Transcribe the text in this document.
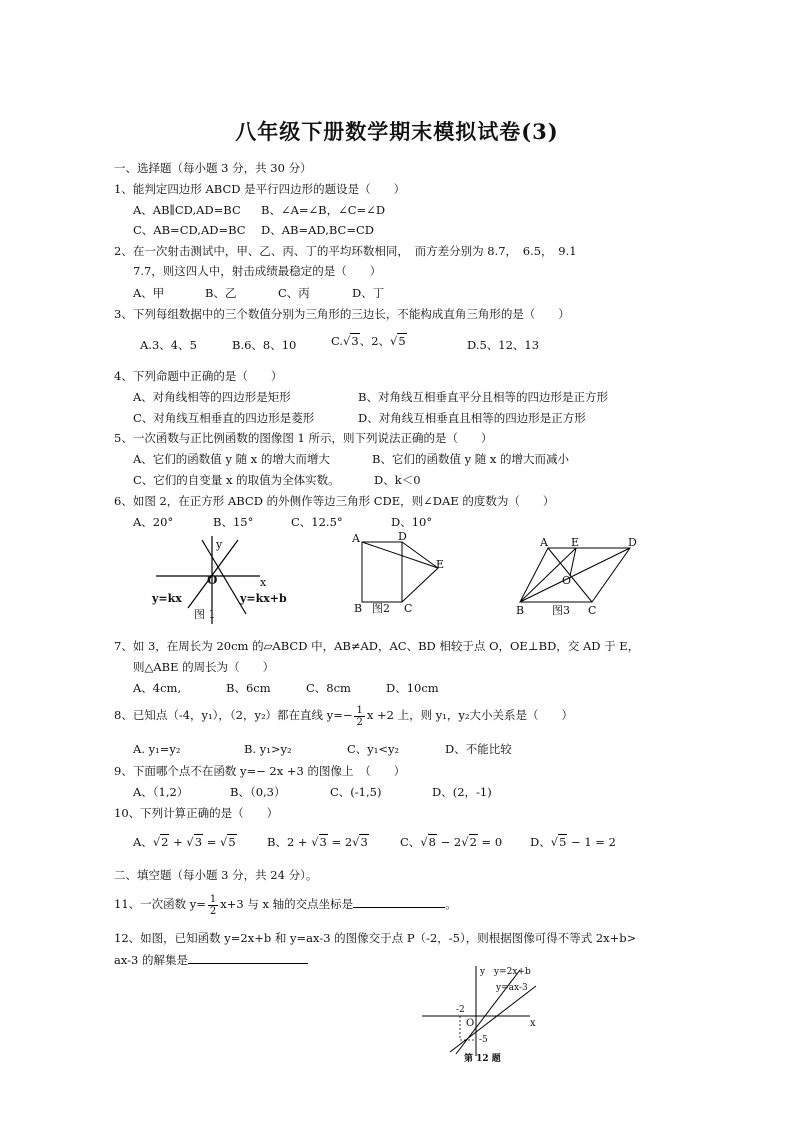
八年级下册数学期末模拟试卷(3)
一、选择题（每小题 3 分，共 30 分）
1、能判定四边形 ABCD 是平行四边形的题设是（　　）
A、AB∥CD,AD=BC B、∠A=∠B，∠C=∠D
C、AB=CD,AD=BC D、AB=AD,BC=CD
2、在一次射击测试中，甲、乙、丙、丁的平均环数相同，　而方差分别为 8.7，　6.5，　9.1
7.7，则这四人中，射击成绩最稳定的是（　　）
A、甲	B、乙	C、丙	D、丁
3、下列每组数据中的三个数值分别为三角形的三边长，不能构成直角三角形的是（　　）
A.3、4、5	B.6、8、10	C.√3、2、√5	D.5、12、13
4、下列命题中正确的是（　　）
A、对角线相等的四边形是矩形	B、对角线互相垂直平分且相等的四边形是正方形
C、对角线互相垂直的四边形是菱形	D、对角线互相垂直且相等的四边形是正方形
5、一次函数与正比例函数的图像图 1 所示，则下列说法正确的是（　　）
A、它们的函数值 y 随 x 的增大而增大	B、它们的函数值 y 随 x 的增大而减小
C、它们的自变量 x 的取值为全体实数。	D、k＜0
6、如图 2，在正方形 ABCD 的外侧作等边三角形 CDE，则∠DAE 的度数为（　　）
A、20°	B、15°	C、12.5°	D、10°
y
x
O
y=kx	y=kx+b
图 1
A	D
E
B 图2 C
A E	D
O
B	图3 C
7、如 3，在周长为 20cm 的▱ABCD 中，AB≠AD，AC、BD 相较于点 O，OE⊥BD，交 AD 于 E，
则△ABE 的周长为（　　）
A、4cm,	B、6cm	C、8cm	D、10cm
8、已知点（-4，y₁），（2，y₂）都在直线 $y=- \frac{1}{2}$ x +2 上，则 y₁，y₂大小关系是（　　）
A. y₁=y₂	B. y₁>y₂	C、y₁<y₂	D、不能比较
9、下面哪个点不在函数 y=− 2x +3 的图像上　（　　）
A、（1,2）	B、（0,3）	C、(-1,5)	D、(2，-1)
10、下列计算正确的是（　　）
A、√2 + √3 = √5	B、2 + √3 = 2√3	C、√8 − 2√2 = 0 D、√5 − 1 = 2
二、填空题（每小题 3 分，共 24 分）。
11、一次函数 $y= \frac{1}{2} x+3$ 与 x 轴的交点坐标是	。
12、如图，已知函数 y=2x+b 和 y=ax-3 的图像交于点 P（-2，-5），则根据图像可得不等式 2x+b>
ax-3 的解集是
y y=2x+b
y=ax-3
-2
x
O
-5
第 12 题
